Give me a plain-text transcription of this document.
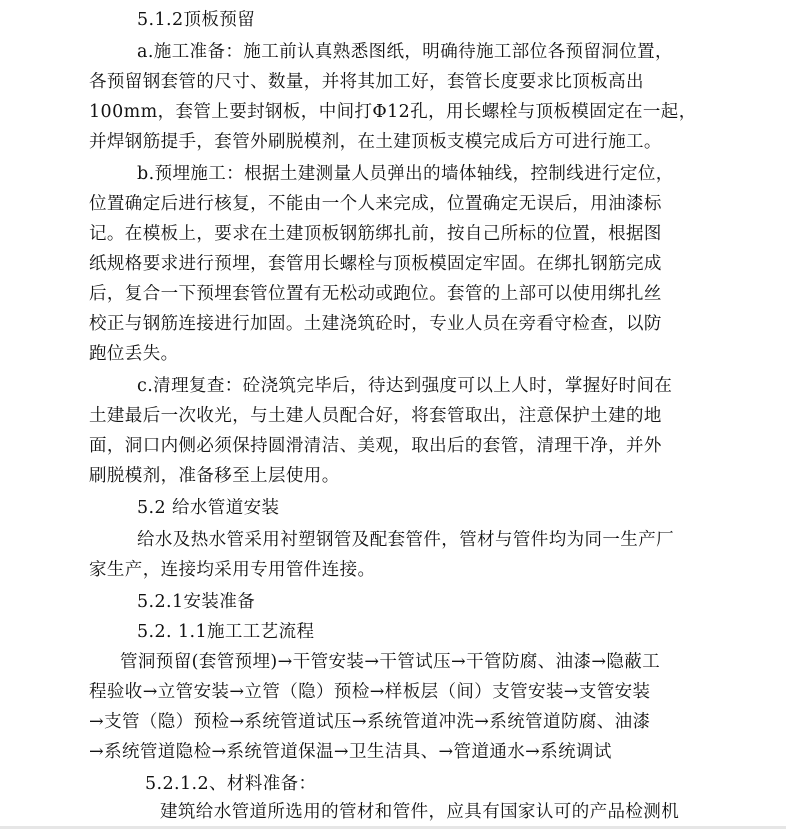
5.1.2顶板预留
a.施工准备：施工前认真熟悉图纸，明确待施工部位各预留洞位置，
各预留钢套管的尺寸、数量，并将其加工好，套管长度要求比顶板高出
100mm，套管上要封钢板，中间打Φ12孔，用长螺栓与顶板模固定在一起，
并焊钢筋提手，套管外刷脱模剂，在土建顶板支模完成后方可进行施工。
b.预埋施工：根据土建测量人员弹出的墙体轴线，控制线进行定位，
位置确定后进行核复，不能由一个人来完成，位置确定无误后，用油漆标
记。在模板上，要求在土建顶板钢筋绑扎前，按自己所标的位置，根据图
纸规格要求进行预埋，套管用长螺栓与顶板模固定牢固。在绑扎钢筋完成
后，复合一下预埋套管位置有无松动或跑位。套管的上部可以使用绑扎丝
校正与钢筋连接进行加固。土建浇筑砼时，专业人员在旁看守检查，以防
跑位丢失。
c.清理复查：砼浇筑完毕后，待达到强度可以上人时，掌握好时间在
土建最后一次收光，与土建人员配合好，将套管取出，注意保护土建的地
面，洞口内侧必须保持圆滑清洁、美观，取出后的套管，清理干净，并外
刷脱模剂，准备移至上层使用。
5.2 给水管道安装
给水及热水管采用衬塑钢管及配套管件，管材与管件均为同一生产厂
家生产，连接均采用专用管件连接。
5.2.1安装准备
5.2. 1.1施工工艺流程
管洞预留(套管预埋)→干管安装→干管试压→干管防腐、油漆→隐蔽工
程验收→立管安装→立管（隐）预检→样板层（间）支管安装→支管安装
→支管（隐）预检→系统管道试压→系统管道冲洗→系统管道防腐、油漆
→系统管道隐检→系统管道保温→卫生洁具、→管道通水→系统调试
5.2.1.2、材料准备：
建筑给水管道所选用的管材和管件，应具有国家认可的产品检测机
